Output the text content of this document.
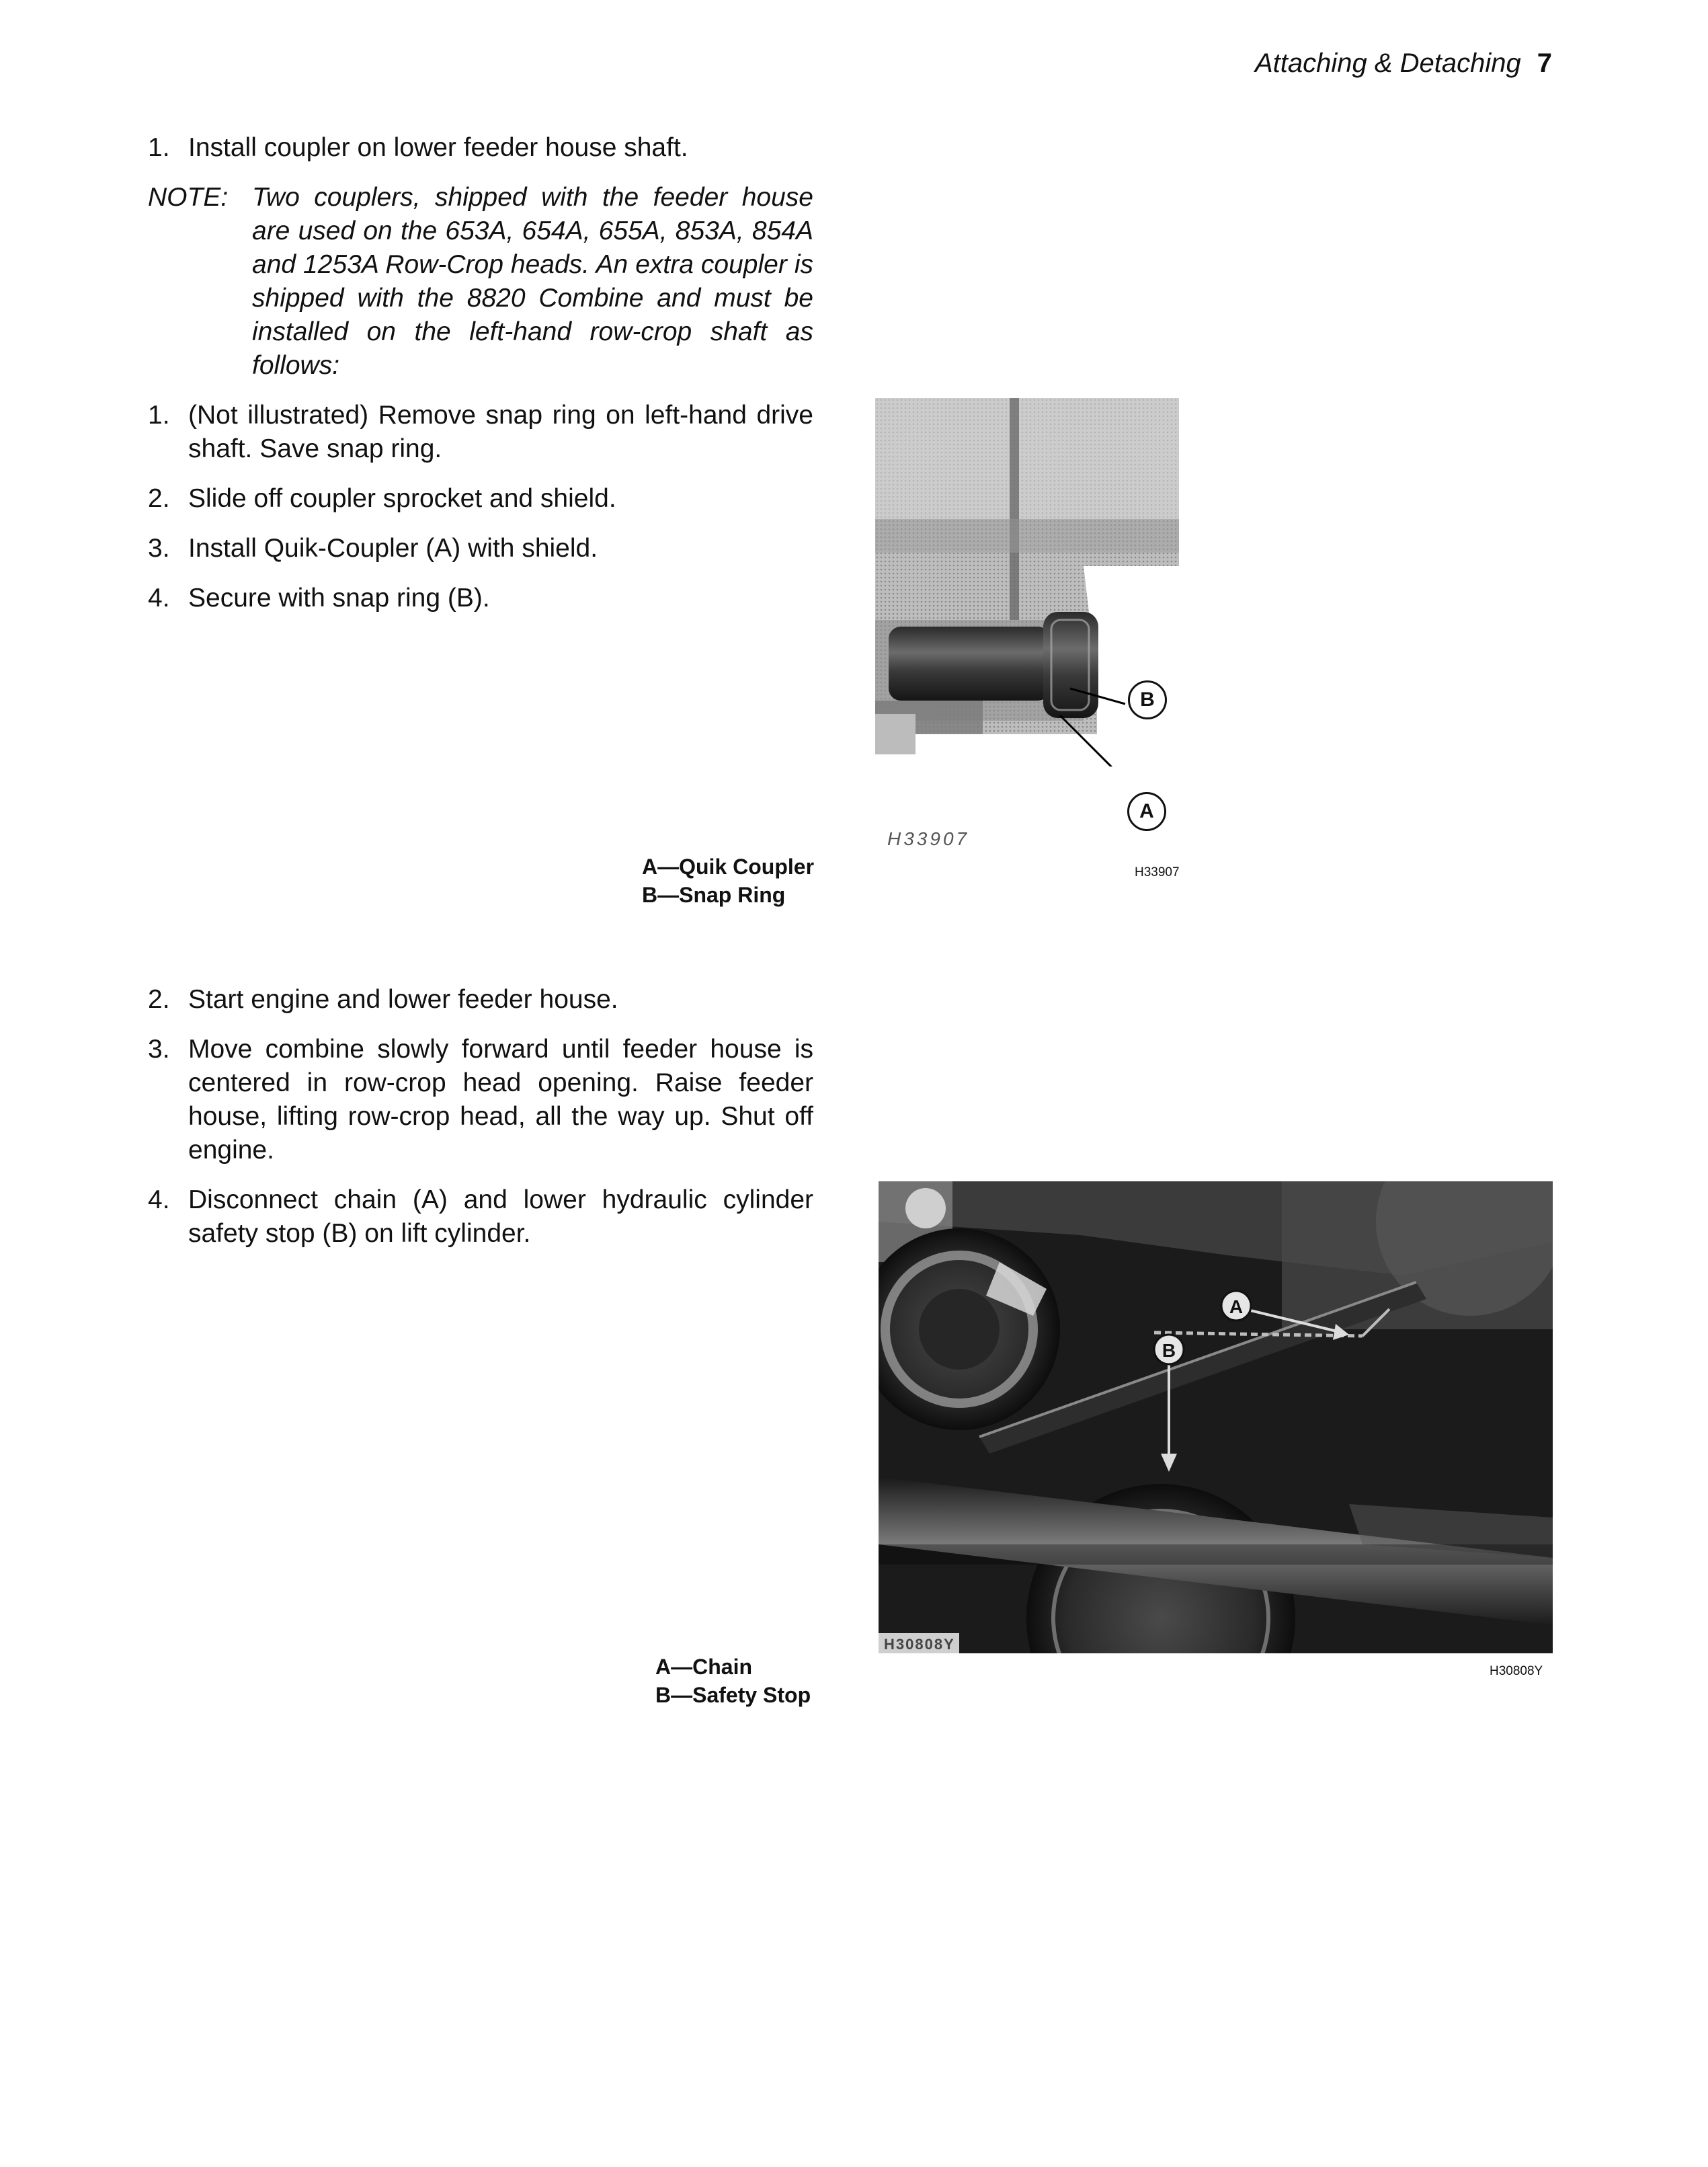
Attaching & Detaching 7
1. Install coupler on lower feeder house shaft.

NOTE: Two couplers, shipped with the feeder house are used on the 653A, 654A, 655A, 853A, 854A and 1253A Row-Crop heads. An extra coupler is shipped with the 8820 Combine and must be installed on the left-hand row-crop shaft as follows:

1. (Not illustrated) Remove snap ring on left-hand drive shaft. Save snap ring.

2. Slide off coupler sprocket and shield.

3. Install Quik-Coupler (A) with shield.

4. Secure with snap ring (B).

B
A
H33907
H33907
A—Quik Coupler
B—Snap Ring
2. Start engine and lower feeder house.

3. Move combine slowly forward until feeder house is centered in row-crop head opening. Raise feeder house, lifting row-crop head, all the way up. Shut off engine.

4. Disconnect chain (A) and lower hydraulic cylinder safety stop (B) on lift cylinder.

A
B
H30808Y
H30808Y
A—Chain
B—Safety Stop
